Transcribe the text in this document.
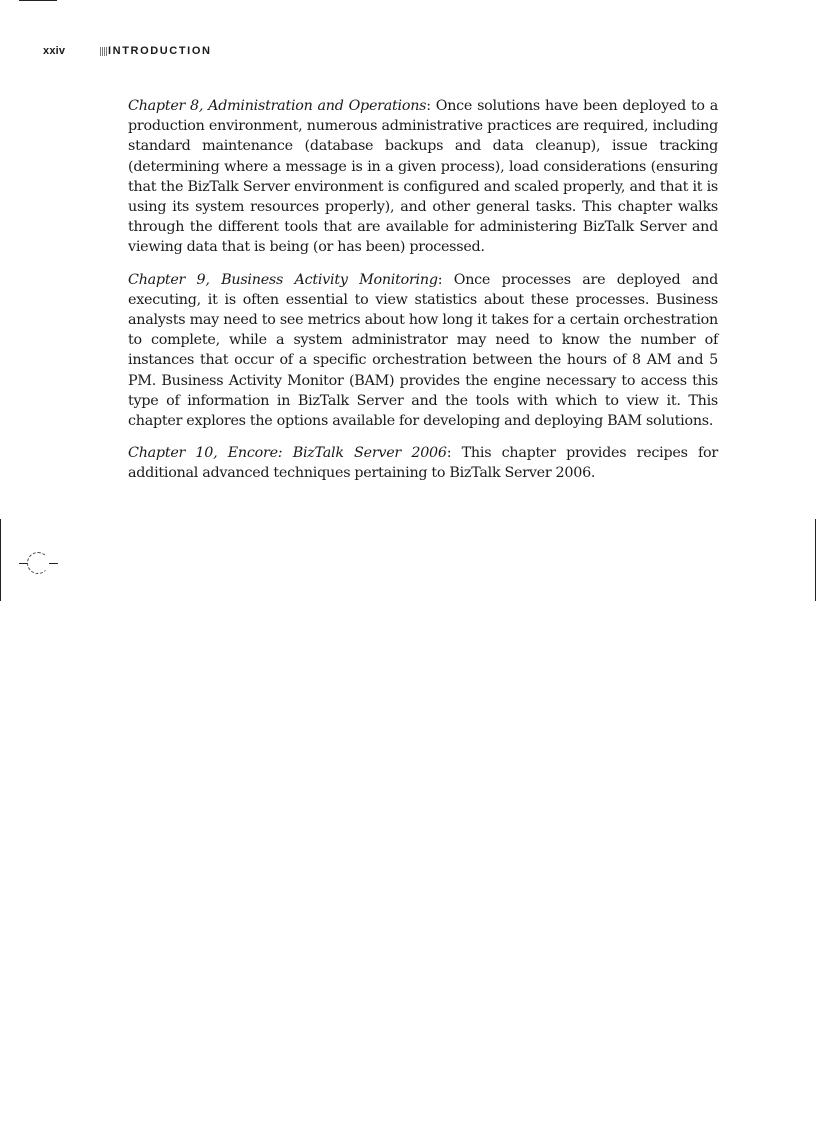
xxiv	INTRODUCTION

Chapter 8, Administration and Operations: Once solutions have been deployed to a production environment, numerous administrative practices are required, including standard maintenance (database backups and data cleanup), issue tracking (determining where a message is in a given process), load considerations (ensuring that the BizTalk Server environment is configured and scaled properly, and that it is using its system resources properly), and other general tasks. This chapter walks through the different tools that are available for administering BizTalk Server and viewing data that is being (or has been) processed.

Chapter 9, Business Activity Monitoring: Once processes are deployed and executing, it is often essential to view statistics about these processes. Business analysts may need to see metrics about how long it takes for a certain orchestration to complete, while a system administrator may need to know the number of instances that occur of a specific orchestration between the hours of 8 AM and 5 PM. Business Activity Monitor (BAM) provides the engine necessary to access this type of information in BizTalk Server and the tools with which to view it. This chapter explores the options available for developing and deploying BAM solutions.

Chapter 10, Encore: BizTalk Server 2006: This chapter provides recipes for additional advanced techniques pertaining to BizTalk Server 2006.
